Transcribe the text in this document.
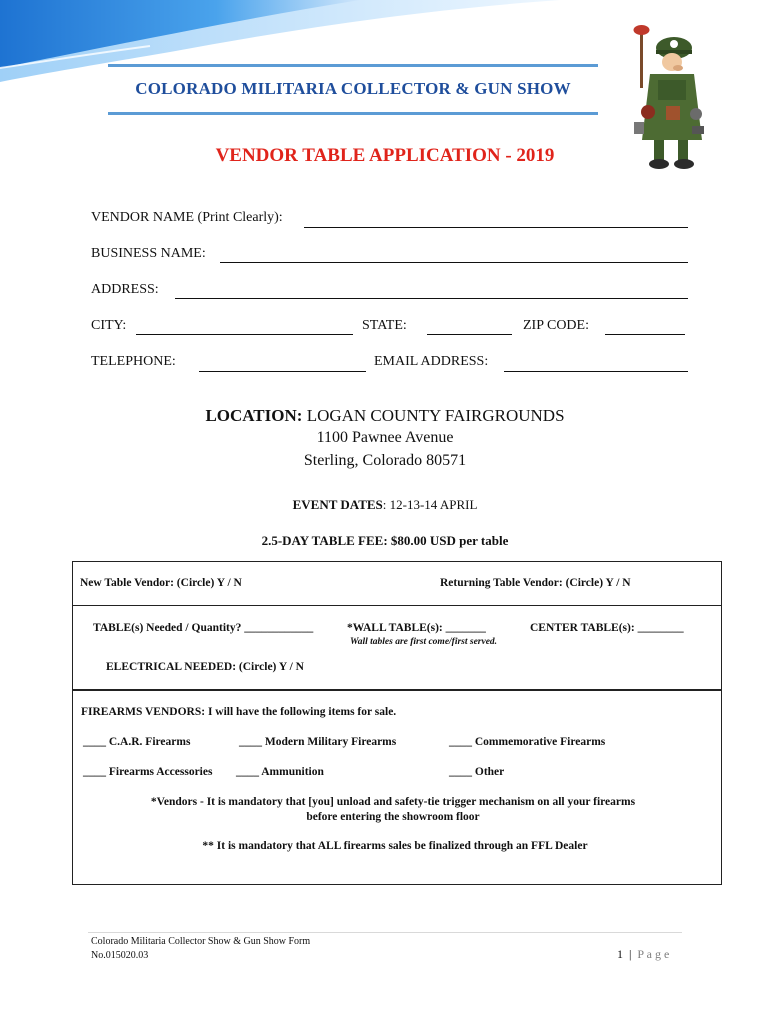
COLORADO MILITARIA COLLECTOR & GUN SHOW
VENDOR TABLE APPLICATION - 2019
VENDOR NAME (Print Clearly):
BUSINESS NAME:
ADDRESS:
CITY:	STATE:	ZIP CODE:
TELEPHONE:	EMAIL ADDRESS:
LOCATION: LOGAN COUNTY FAIRGROUNDS
1100 Pawnee Avenue
Sterling, Colorado 80571
EVENT DATES: 12-13-14 APRIL
2.5-DAY TABLE FEE: $80.00 USD per table
New Table Vendor: (Circle) Y / N	Returning Table Vendor: (Circle) Y / N
TABLE(s) Needed / Quantity? ____________	*WALL TABLE(s): _______	CENTER TABLE(s): ________
Wall tables are first come/first served.
ELECTRICAL NEEDED: (Circle) Y / N
FIREARMS VENDORS: I will have the following items for sale.
____ C.A.R. Firearms	____ Modern Military Firearms	____ Commemorative Firearms
____ Firearms Accessories ____ Ammunition	____ Other
*Vendors - It is mandatory that [you] unload and safety-tie trigger mechanism on all your firearms
before entering the showroom floor
** It is mandatory that ALL firearms sales be finalized through an FFL Dealer
Colorado Militaria Collector Show & Gun Show Form
No.015020.03	1 | P a g e
